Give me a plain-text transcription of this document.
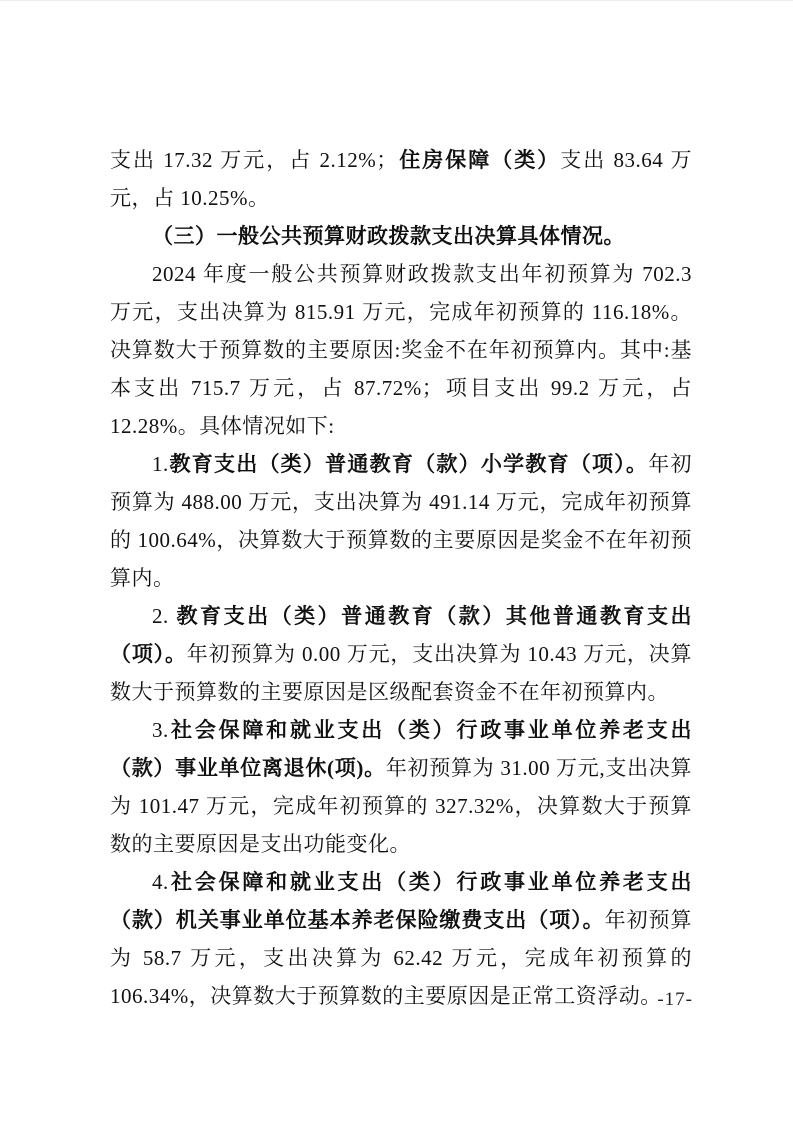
支出 17.32 万元，占 2.12%；住房保障（类）支出 83.64 万元，占 10.25%。

（三）一般公共预算财政拨款支出决算具体情况。

2024 年度一般公共预算财政拨款支出年初预算为 702.3 万元，支出决算为 815.91 万元，完成年初预算的 116.18%。决算数大于预算数的主要原因:奖金不在年初预算内。其中:基本支出 715.7 万元，占 87.72%；项目支出 99.2 万元，占 12.28%。具体情况如下:

1.教育支出（类）普通教育（款）小学教育（项）。年初预算为 488.00 万元，支出决算为 491.14 万元，完成年初预算的 100.64%，决算数大于预算数的主要原因是奖金不在年初预算内。

2. 教育支出（类）普通教育（款）其他普通教育支出（项）。年初预算为 0.00 万元，支出决算为 10.43 万元，决算数大于预算数的主要原因是区级配套资金不在年初预算内。

3.社会保障和就业支出（类）行政事业单位养老支出（款）事业单位离退休(项)。年初预算为 31.00 万元,支出决算为 101.47 万元，完成年初预算的 327.32%，决算数大于预算数的主要原因是支出功能变化。

4.社会保障和就业支出（类）行政事业单位养老支出（款）机关事业单位基本养老保险缴费支出（项）。年初预算为 58.7 万元，支出决算为 62.42 万元，完成年初预算的 106.34%，决算数大于预算数的主要原因是正常工资浮动。

-17-
